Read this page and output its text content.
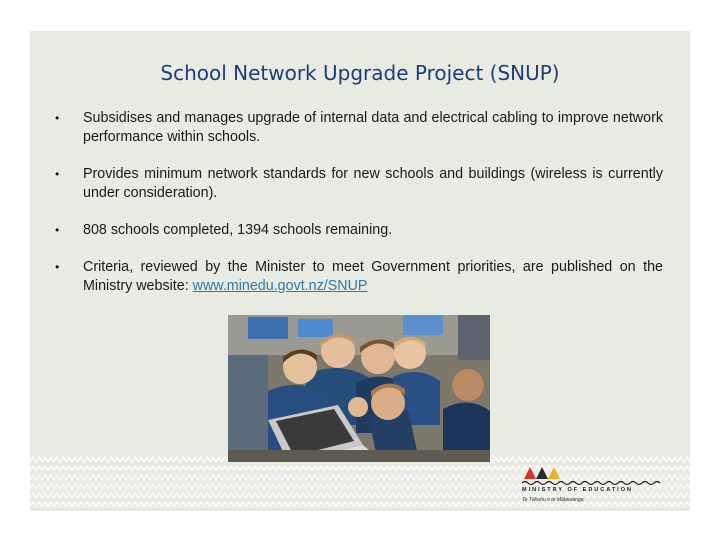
School Network Upgrade Project (SNUP)
• Subsidises and manages upgrade of internal data and electrical cabling to improve network performance within schools.
• Provides minimum network standards for new schools and buildings (wireless is currently under consideration).
• 808 schools completed, 1394 schools remaining.
• Criteria, reviewed by the Minister to meet Government priorities, are published on the Ministry website: www.minedu.govt.nz/SNUP
MINISTRY OF EDUCATION
Te Tāhuhu o te Mātauranga
